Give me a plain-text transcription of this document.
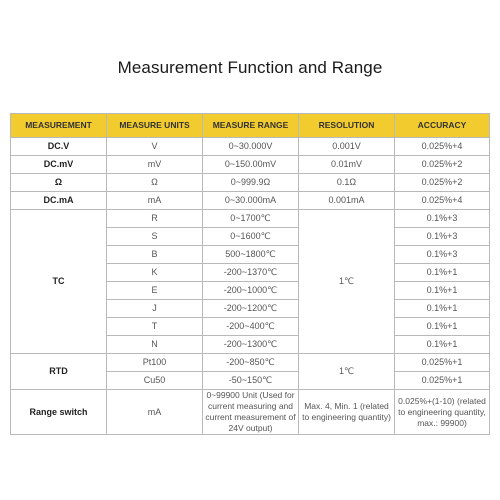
Measurement Function and Range
MEASUREMENT	MEASURE UNITS	MEASURE RANGE	RESOLUTION	ACCURACY
DC.V	V	0~30.000V	0.001V	0.025%+4
DC.mV	mV	0~150.00mV	0.01mV	0.025%+2
Ω	Ω	0~999.9Ω	0.1Ω	0.025%+2
DC.mA	mA	0~30.000mA	0.001mA	0.025%+4
TC	R	0~1700℃	1℃	0.1%+3
	S	0~1600℃		0.1%+3
	B	500~1800℃		0.1%+3
	K	-200~1370℃		0.1%+1
	E	-200~1000℃		0.1%+1
	J	-200~1200℃		0.1%+1
	T	-200~400℃		0.1%+1
	N	-200~1300℃		0.1%+1
RTD	Pt100	-200~850℃	1℃	0.025%+1
	Cu50	-50~150℃		0.025%+1
Range switch	mA	0~99900 Unit (Used for current measuring and current measurement of 24V output)	Max. 4, Min. 1 (related to engineering quantity)	0.025%+(1-10) (related to engineering quantity, max.: 99900)
